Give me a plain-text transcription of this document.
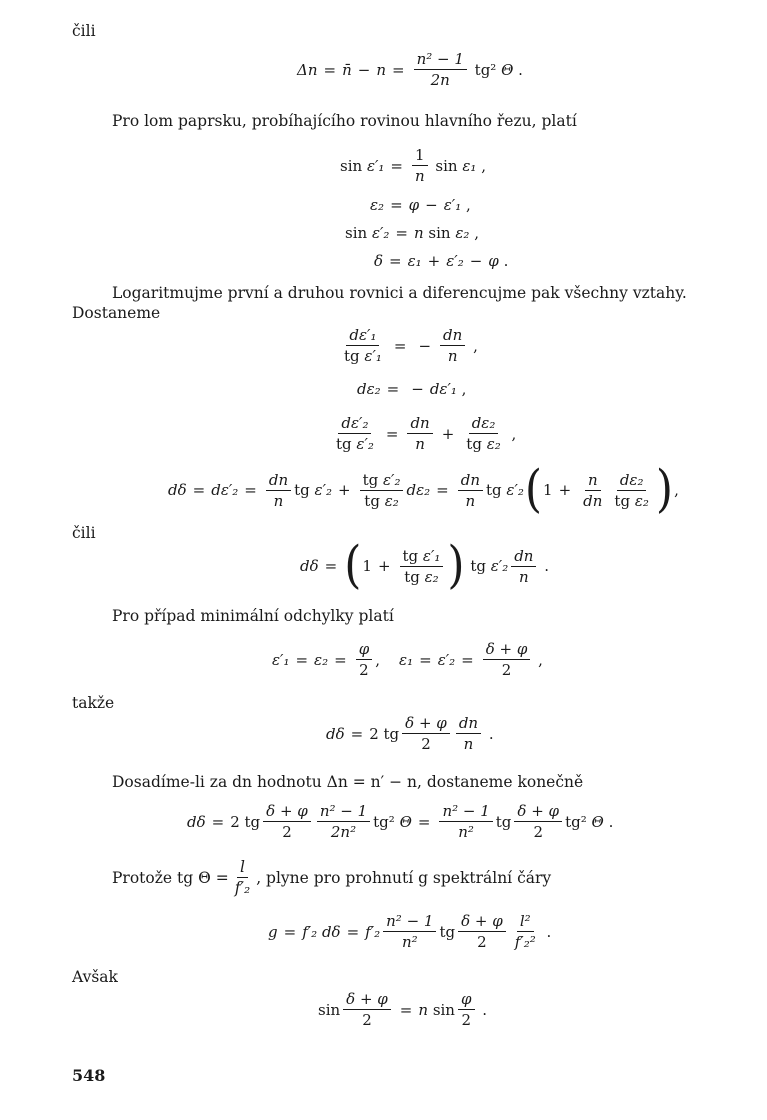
čili
Δn = n̄ − $n = \frac{\text{n² − 1}}{2n} tg^2$ Θ .
Pro lom paprsku, probíhajícího rovinou hlavního řezu, platí
$\sin \varepsilon'_1 = \frac{1}{n}$ sin ε₁ ,
ε₂ = φ − ε′₁ ,
sin ε′₂ = n sin ε₂ ,
δ = ε₁ + ε′₂ − φ .
Logaritmujme první a druhou rovnici a diferencujme pak všechny vztahy. Dostaneme
$\frac{\text{dε′₁}}{\text{tg ε′₁}}$ = − $\frac{dn}{n}$ ,
dε₂ = − dε′₁ ,
$\frac{\text{dε′₂}}{\text{tg ε′₂}} = \frac{dn}{n} + \frac{\text{dε₂}}{\text{tg ε₂}}$ ,
$d\delta = d\varepsilon'_2 = \frac{dn}{n}$ tg $\varepsilon'_2 + \frac{\text{tg ε′₂}}{\text{tg ε₂}} d\varepsilon_2 = \frac{dn}{n}$ tg ε′₂ ( $1 + \frac{n}{dn} \frac{\text{dε₂}}{\text{tg ε₂}}$ ) ,
čili
dδ = ( $1 + \frac{\text{tg ε′₁}}{\text{tg ε₂}}$ ) tg $\varepsilon'_2 \frac{dn}{n}$ .
Pro případ minimální odchylky platí
$\varepsilon'_1 = \varepsilon_2 = \frac{\varphi}{2}$ , $\varepsilon_1 = \varepsilon'_2 = \frac{\delta + \varphi}{2}$ ,
takže
dδ = 2 tg $\frac{\delta + \varphi}{2} \frac{dn}{n}$ .
Dosadíme-li za dn hodnotu Δn = n′ − n, dostaneme konečně
dδ = 2 tg $\frac{\delta + \varphi}{2} \frac{\text{n² − 1}}{\text{2n²}} tg^2$ $\Theta = \frac{\text{n² − 1}}{\text{n²}}$ tg $\frac{\delta + \varphi}{2} tg^2$ Θ .
Protože tg $\Theta = \frac{l}{\text{f′₂}}$ , plyne pro prohnutí g spektrální čáry
g = f′₂ $d\delta = f'_2 \frac{\text{n² − 1}}{\text{n²}}$ tg $\frac{\delta + \varphi}{2} \frac{\text{l²}}{\text{f′₂²}}$ .
Avšak
$\sin \frac{\delta + \varphi}{2} = n$ $\sin \frac{\varphi}{2}$ .
548
